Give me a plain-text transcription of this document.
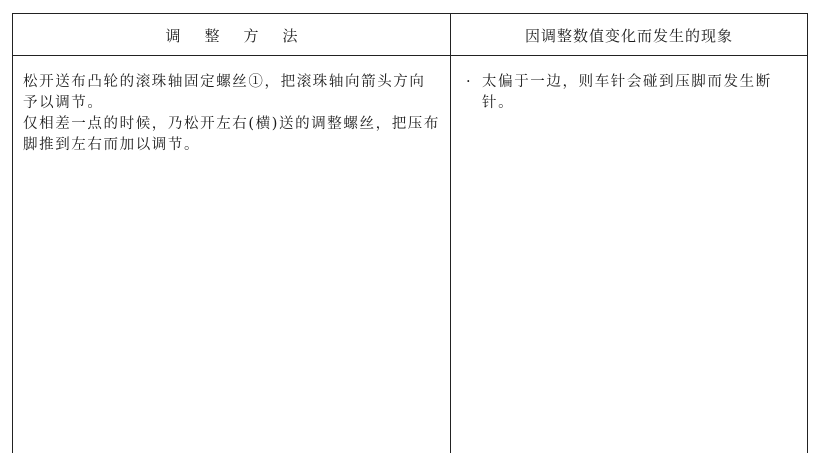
调整方法	因调整数值变化而发生的现象

松开送布凸轮的滚珠轴固定螺丝①，把滚珠轴向箭头方向予以调节。

仅相差一点的时候，乃松开左右(横)送的调整螺丝，把压布脚推到左右而加以调节。

· 太偏于一边，则车针会碰到压脚而发生断针。
